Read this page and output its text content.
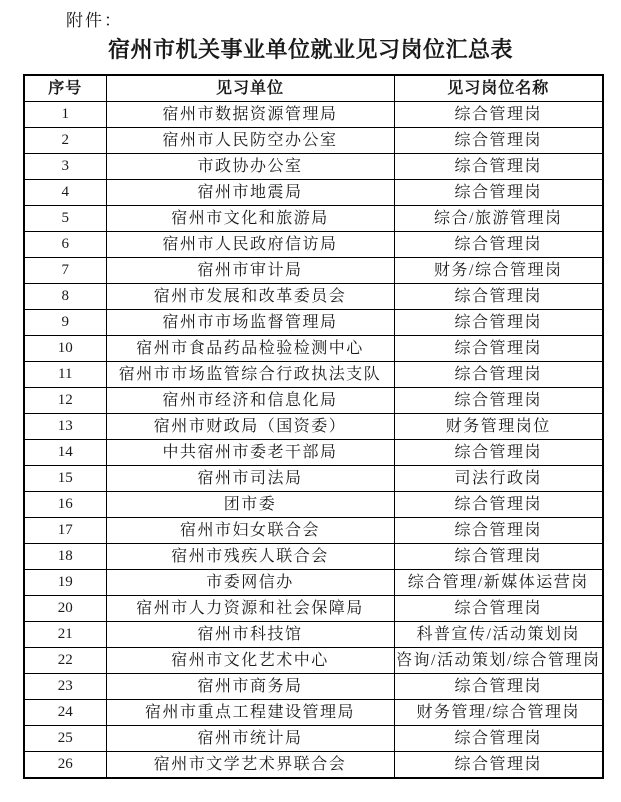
附件：
宿州市机关事业单位就业见习岗位汇总表
序号	见习单位	见习岗位名称
1	宿州市数据资源管理局	综合管理岗
2	宿州市人民防空办公室	综合管理岗
3	市政协办公室	综合管理岗
4	宿州市地震局	综合管理岗
5	宿州市文化和旅游局	综合/旅游管理岗
6	宿州市人民政府信访局	综合管理岗
7	宿州市审计局	财务/综合管理岗
8	宿州市发展和改革委员会	综合管理岗
9	宿州市市场监督管理局	综合管理岗
10	宿州市食品药品检验检测中心	综合管理岗
11	宿州市市场监管综合行政执法支队	综合管理岗
12	宿州市经济和信息化局	综合管理岗
13	宿州市财政局（国资委）	财务管理岗位
14	中共宿州市委老干部局	综合管理岗
15	宿州市司法局	司法行政岗
16	团市委	综合管理岗
17	宿州市妇女联合会	综合管理岗
18	宿州市残疾人联合会	综合管理岗
19	市委网信办	综合管理/新媒体运营岗
20	宿州市人力资源和社会保障局	综合管理岗
21	宿州市科技馆	科普宣传/活动策划岗
22	宿州市文化艺术中心	咨询/活动策划/综合管理岗
23	宿州市商务局	综合管理岗
24	宿州市重点工程建设管理局	财务管理/综合管理岗
25	宿州市统计局	综合管理岗
26	宿州市文学艺术界联合会	综合管理岗
